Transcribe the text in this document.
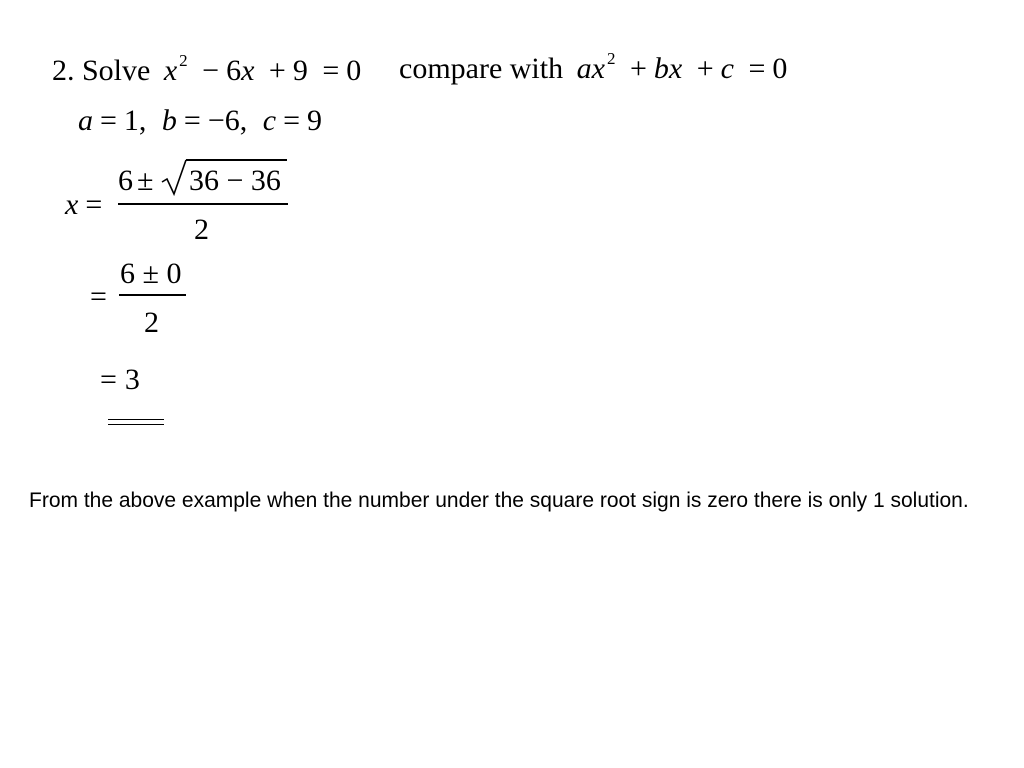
2. Solve x $^2$ − 6x + 9 = 0 compare with ax $^2$ + bx + c = 0
a = 1, b = −6, c = 9
x =
6 ± 36 − 36
2
=
6 ± 0
2
= 3
From the above example when the number under the square root sign is zero there is only 1 solution.
